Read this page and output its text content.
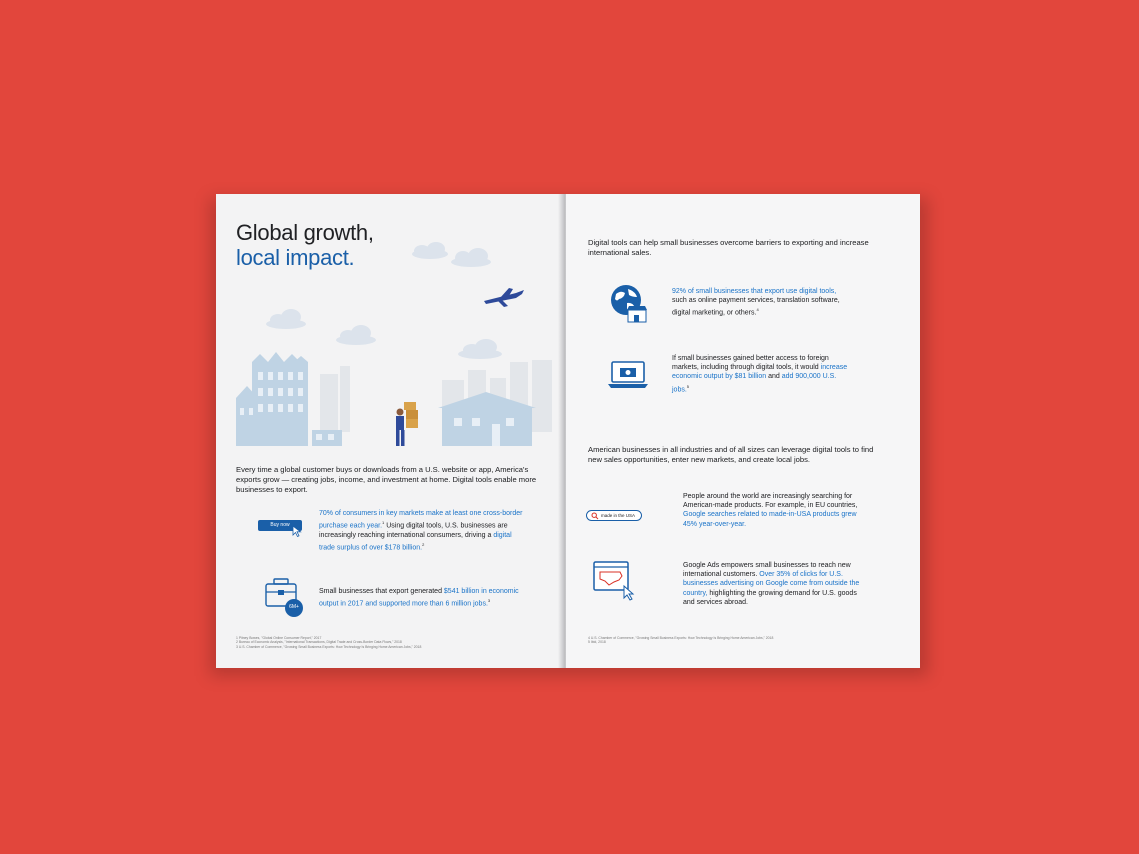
Global growth,
local impact.
Every time a global customer buys or downloads from a U.S. website or app, America's exports grow — creating jobs, income, and investment at home. Digital tools enable more businesses to export.
Buy now
70% of consumers in key markets make at least one cross-border purchase each year.$^1$ Using digital tools, U.S. businesses are increasingly reaching international consumers, driving a digital trade surplus of over $178 billion.$^2$
6M+
Small businesses that export generated $541 billion in economic output in 2017 and supported more than 6 million jobs.$^3$
1 Pitney Bowes, "Global Online Consumer Report," 2017
2 Bureau of Economic Analysis, "International Transactions, Digital Trade and Cross-Border Data Flows," 2018
3 U.S. Chamber of Commerce, "Growing Small Business Exports: How Technology Is Bringing Home American Jobs," 2018
Digital tools can help small businesses overcome barriers to exporting and increase international sales.
92% of small businesses that export use digital tools, such as online payment services, translation software, digital marketing, or others.$^4$
If small businesses gained better access to foreign markets, including through digital tools, it would increase economic output by $81 billion and add 900,000 U.S. jobs.$^5$
American businesses in all industries and of all sizes can leverage digital tools to find new sales opportunities, enter new markets, and create local jobs.
made in the USA
People around the world are increasingly searching for American-made products. For example, in EU countries, Google searches related to made-in-USA products grew 45% year-over-year.
Google Ads empowers small businesses to reach new international customers. Over 35% of clicks for U.S. businesses advertising on Google come from outside the country, highlighting the growing demand for U.S. goods and services abroad.
4 U.S. Chamber of Commerce, "Growing Small Business Exports: How Technology Is Bringing Home American Jobs," 2018
5 Ibid, 2018
